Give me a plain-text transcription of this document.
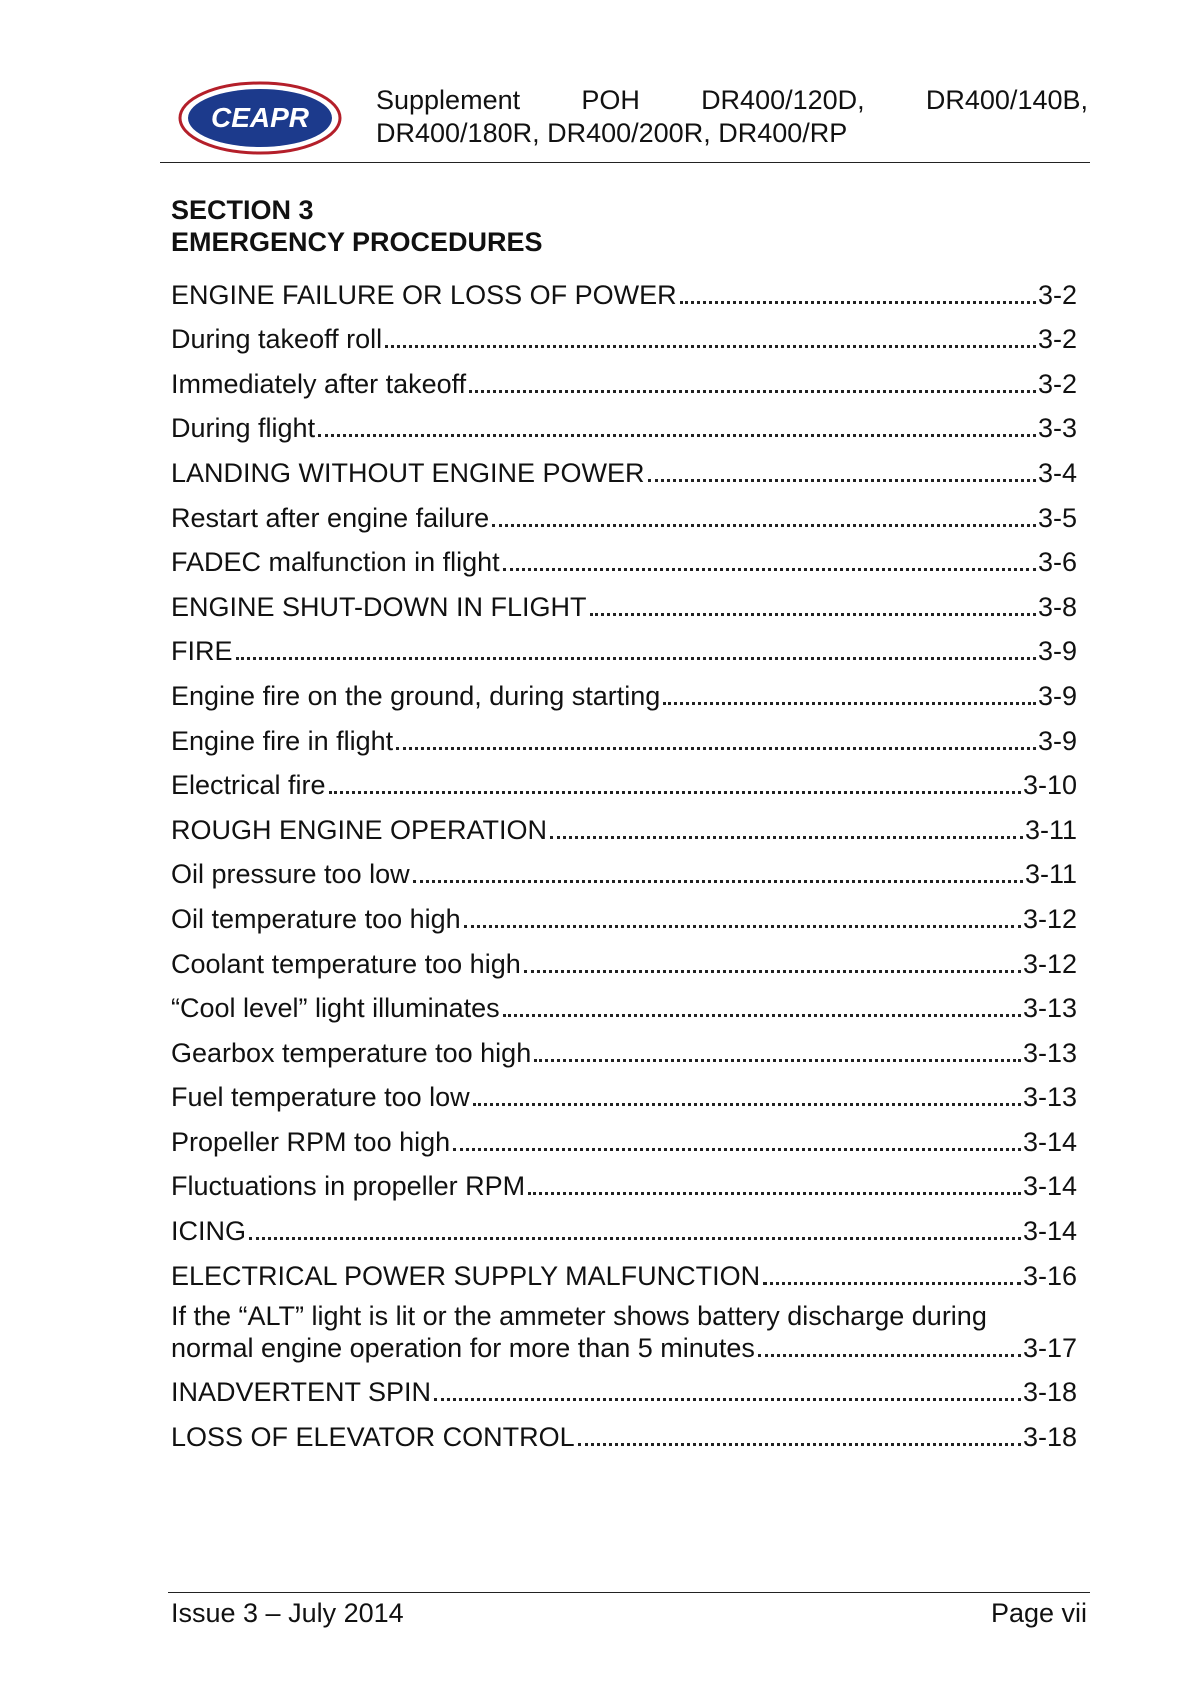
CEAPR
Supplement POH DR400/120D, DR400/140B,
DR400/180R, DR400/200R, DR400/RP
SECTION 3
EMERGENCY PROCEDURES
ENGINE FAILURE OR LOSS OF POWER	3-2
During takeoff roll	3-2
Immediately after takeoff	3-2
During flight	3-3
LANDING WITHOUT ENGINE POWER	3-4
Restart after engine failure	3-5
FADEC malfunction in flight	3-6
ENGINE SHUT-DOWN IN FLIGHT	3-8
FIRE	3-9
Engine fire on the ground, during starting	3-9
Engine fire in flight	3-9
Electrical fire	3-10
ROUGH ENGINE OPERATION	3-11
Oil pressure too low	3-11
Oil temperature too high	3-12
Coolant temperature too high	3-12
“Cool level” light illuminates	3-13
Gearbox temperature too high	3-13
Fuel temperature too low	3-13
Propeller RPM too high	3-14
Fluctuations in propeller RPM	3-14
ICING	3-14
ELECTRICAL POWER SUPPLY MALFUNCTION	3-16
If the “ALT” light is lit or the ammeter shows battery discharge during
normal engine operation for more than 5 minutes	3-17
INADVERTENT SPIN	3-18
LOSS OF ELEVATOR CONTROL	3-18
Issue 3 – July 2014	Page vii
